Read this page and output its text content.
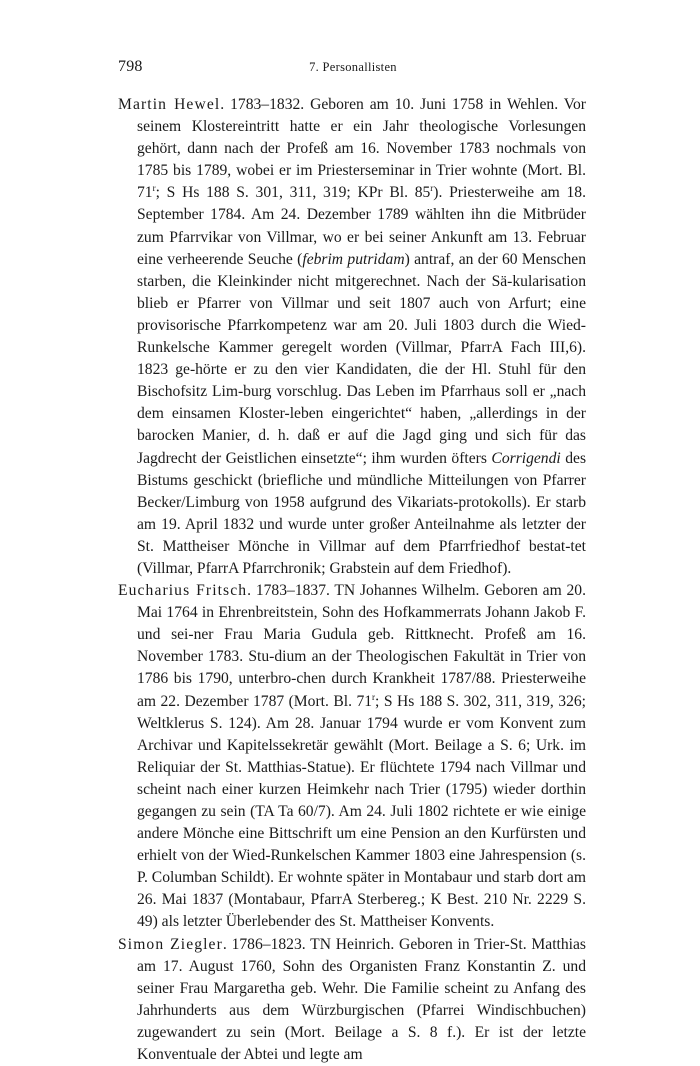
798	7. Personallisten

Martin Hewel. 1783–1832. Geboren am 10. Juni 1758 in Wehlen. Vor seinem Klostereintritt hatte er ein Jahr theologische Vorlesungen gehört, dann nach der Profeß am 16. November 1783 nochmals von 1785 bis 1789, wobei er im Priesterseminar in Trier wohnte (Mort. Bl. 71$^r$; S Hs 188 S. 301, 311, 319; KPr Bl. 85$^r$). Priesterweihe am 18. September 1784. Am 24. Dezember 1789 wählten ihn die Mitbrüder zum Pfarrvikar von Villmar, wo er bei seiner Ankunft am 13. Februar eine verheerende Seuche (febrim putridam) antraf, an der 60 Menschen starben, die Kleinkinder nicht mitgerechnet. Nach der Sä-kularisation blieb er Pfarrer von Villmar und seit 1807 auch von Arfurt; eine provisorische Pfarrkompetenz war am 20. Juli 1803 durch die Wied-Runkelsche Kammer geregelt worden (Villmar, PfarrA Fach III,6). 1823 ge-hörte er zu den vier Kandidaten, die der Hl. Stuhl für den Bischofsitz Lim-burg vorschlug. Das Leben im Pfarrhaus soll er „nach dem einsamen Kloster-leben eingerichtet“ haben, „allerdings in der barocken Manier, d. h. daß er auf die Jagd ging und sich für das Jagdrecht der Geistlichen einsetzte“; ihm wurden öfters Corrigendi des Bistums geschickt (briefliche und mündliche Mitteilungen von Pfarrer Becker/Limburg von 1958 aufgrund des Vikariats-protokolls). Er starb am 19. April 1832 und wurde unter großer Anteilnahme als letzter der St. Mattheiser Mönche in Villmar auf dem Pfarrfriedhof bestat-tet (Villmar, PfarrA Pfarrchronik; Grabstein auf dem Friedhof).

Eucharius Fritsch. 1783–1837. TN Johannes Wilhelm. Geboren am 20. Mai 1764 in Ehrenbreitstein, Sohn des Hofkammerrats Johann Jakob F. und sei-ner Frau Maria Gudula geb. Rittknecht. Profeß am 16. November 1783. Stu-dium an der Theologischen Fakultät in Trier von 1786 bis 1790, unterbro-chen durch Krankheit 1787/88. Priesterweihe am 22. Dezember 1787 (Mort. Bl. 71$^r$; S Hs 188 S. 302, 311, 319, 326; Weltklerus S. 124). Am 28. Januar 1794 wurde er vom Konvent zum Archivar und Kapitelssekretär gewählt (Mort. Beilage a S. 6; Urk. im Reliquiar der St. Matthias-Statue). Er flüchtete 1794 nach Villmar und scheint nach einer kurzen Heimkehr nach Trier (1795) wieder dorthin gegangen zu sein (TA Ta 60/7). Am 24. Juli 1802 richtete er wie einige andere Mönche eine Bittschrift um eine Pension an den Kurfürsten und erhielt von der Wied-Runkelschen Kammer 1803 eine Jahrespension (s. P. Columban Schildt). Er wohnte später in Montabaur und starb dort am 26. Mai 1837 (Montabaur, PfarrA Sterbereg.; K Best. 210 Nr. 2229 S. 49) als letzter Überlebender des St. Mattheiser Konvents.

Simon Ziegler. 1786–1823. TN Heinrich. Geboren in Trier-St. Matthias am 17. August 1760, Sohn des Organisten Franz Konstantin Z. und seiner Frau Margaretha geb. Wehr. Die Familie scheint zu Anfang des Jahrhunderts aus dem Würzburgischen (Pfarrei Windischbuchen) zugewandert zu sein (Mort. Beilage a S. 8 f.). Er ist der letzte Konventuale der Abtei und legte am
